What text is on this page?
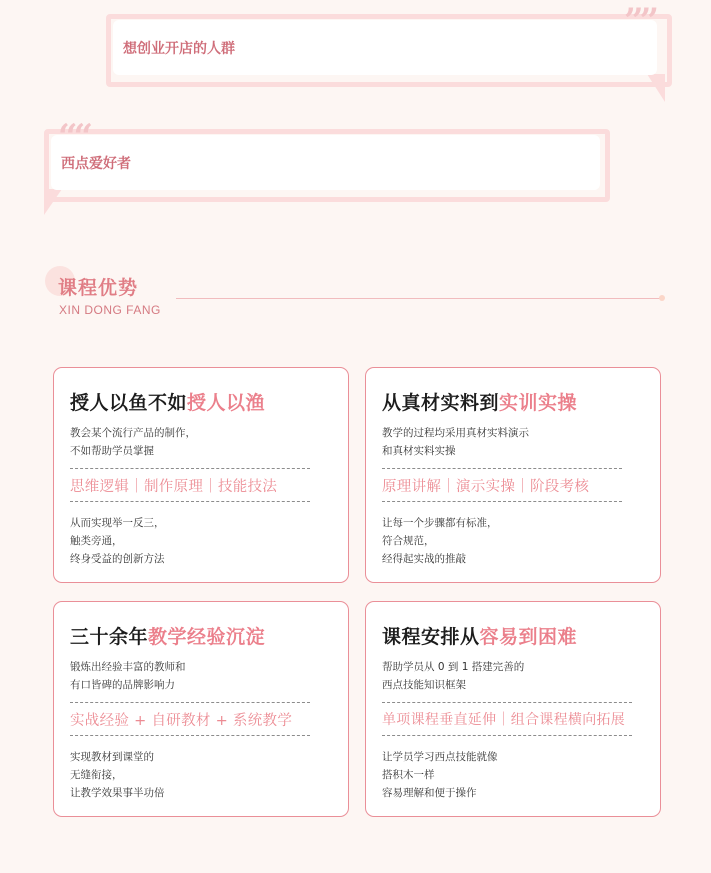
想创业开店的人群
””
西点爱好者
““
课程优势
XIN DONG FANG
授人以鱼不如授人以渔
教会某个流行产品的制作，
不如帮助学员掌握
思维逻辑｜制作原理｜技能技法
从而实现举一反三，
触类旁通，
终身受益的创新方法
从真材实料到实训实操
教学的过程均采用真材实料演示
和真材实料实操
原理讲解｜演示实操｜阶段考核
让每一个步骤都有标准，
符合规范，
经得起实战的推敲
三十余年教学经验沉淀
锻炼出经验丰富的教师和
有口皆碑的品牌影响力
实战经验 + 自研教材 + 系统教学
实现教材到课堂的
无缝衔接，
让教学效果事半功倍
课程安排从容易到困难
帮助学员从 0 到 1 搭建完善的
西点技能知识框架
单项课程垂直延伸｜组合课程横向拓展
让学员学习西点技能就像
搭积木一样
容易理解和便于操作
